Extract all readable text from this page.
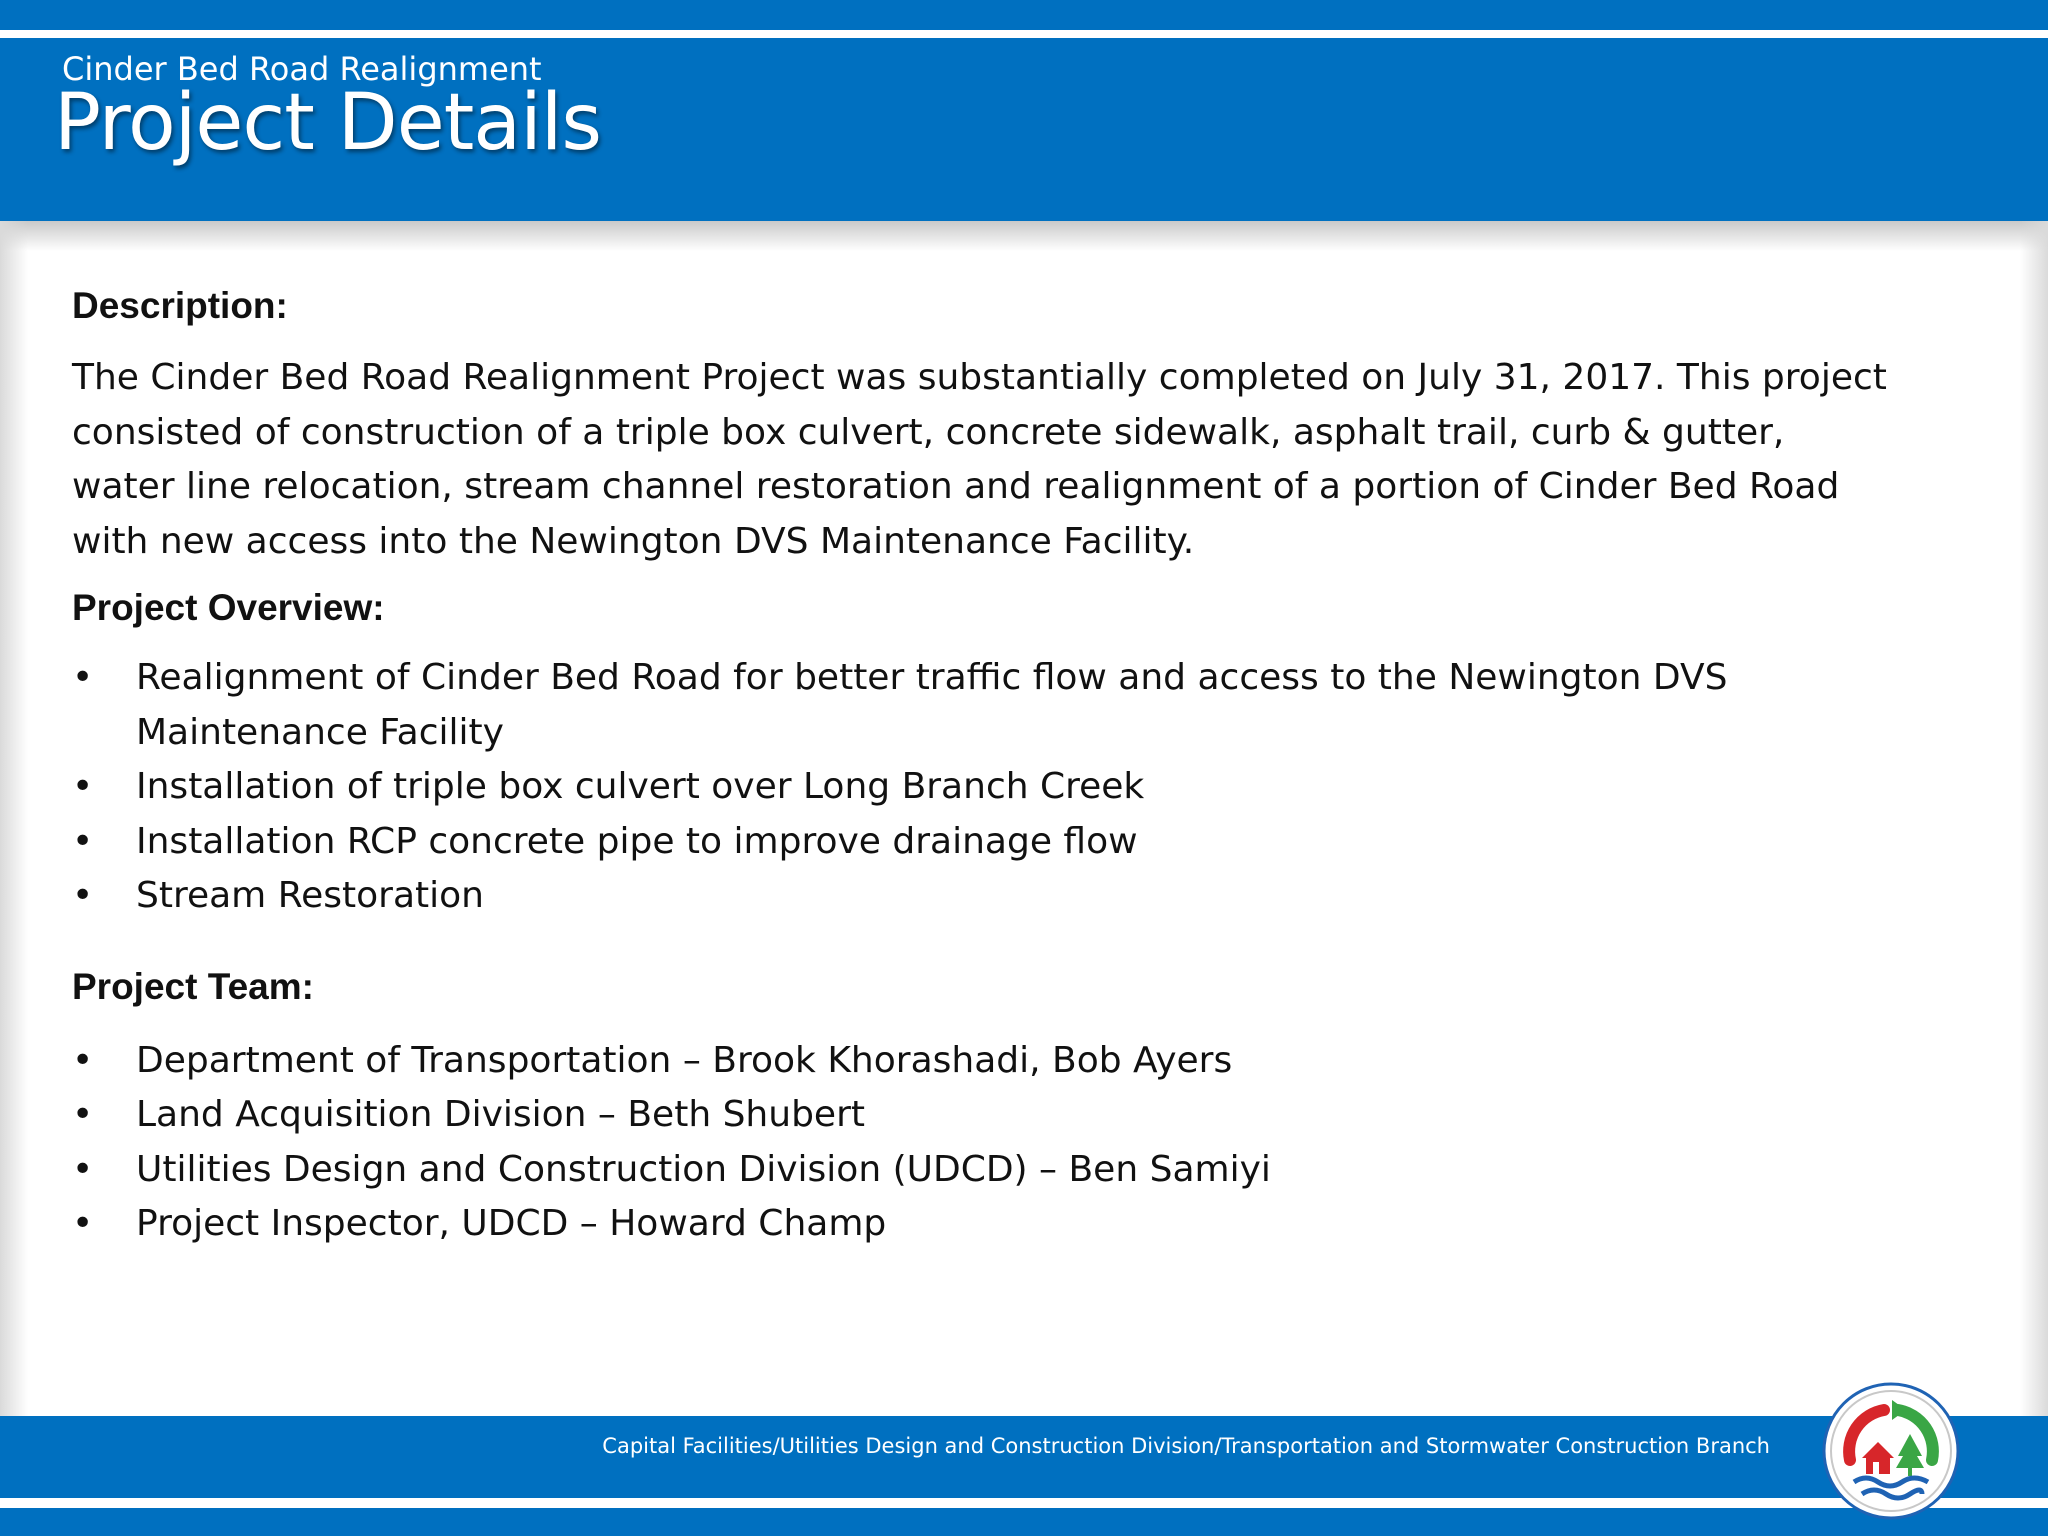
Cinder Bed Road Realignment
Project Details
Description:

The Cinder Bed Road Realignment Project was substantially completed on July 31, 2017. This project consisted of construction of a triple box culvert, concrete sidewalk, asphalt trail, curb & gutter, water line relocation, stream channel restoration and realignment of a portion of Cinder Bed Road with new access into the Newington DVS Maintenance Facility.

Project Overview:
• Realignment of Cinder Bed Road for better traffic flow and access to the Newington DVS Maintenance Facility
• Installation of triple box culvert over Long Branch Creek
• Installation RCP concrete pipe to improve drainage flow
• Stream Restoration
Project Team:
• Department of Transportation – Brook Khorashadi, Bob Ayers
• Land Acquisition Division – Beth Shubert
• Utilities Design and Construction Division (UDCD) – Ben Samiyi
• Project Inspector, UDCD – Howard Champ
Capital Facilities/Utilities Design and Construction Division/Transportation and Stormwater Construction Branch
